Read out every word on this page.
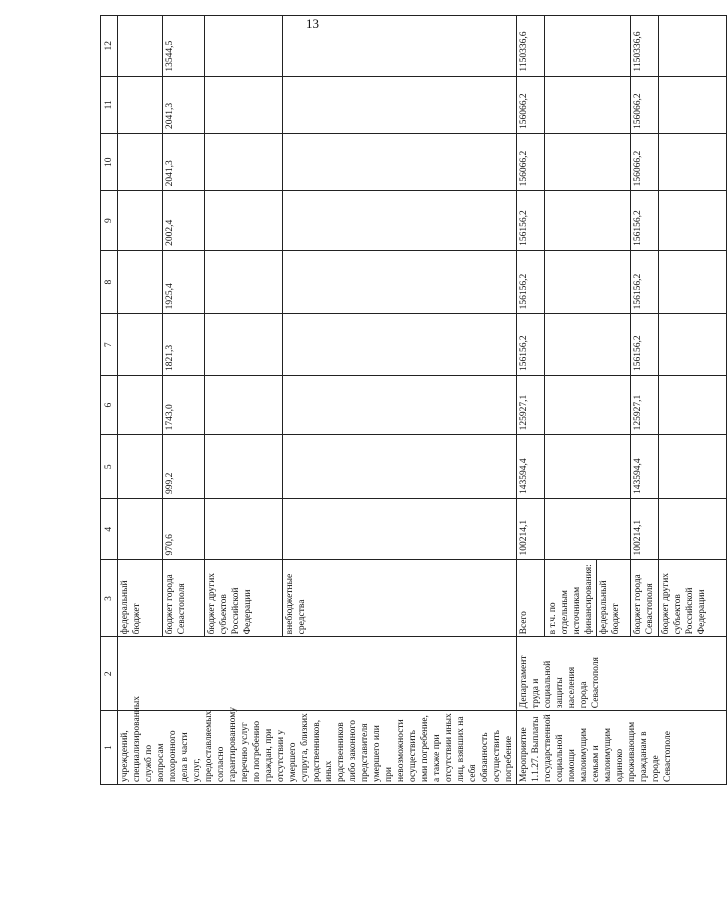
13
1	2	3	4	5	6	7	8	9	10	11	12
учреждений, специализированных служб по вопросам похоронного дела в части услуг, предоставляемых согласно гарантированному перечню услуг по погребению граждан, при отсутствии у умершего супруга, близких родственников, иных родственников либо законного представителя умершего или при невозможности осуществить ими погребение, а также при отсутствии иных лиц, взявших на себя обязанность осуществить погребение		федеральный бюджет									
		бюджет города Севастополя	970,6	999,2	1743,0	1821,3	1925,4	2002,4	2041,3	2041,3	13544,5
		бюджет других субъектов Российской Федерации									
		внебюджетные средства									
Мероприятие 1.1.27. Выплаты государственной социальной помощи малоимущим семьям и малоимущим одиноко проживающим гражданам в городе Севастополе	Департамент труда и социальной защиты населения города Севастополя	Всего	100214,1	143594,4	125927,1	156156,2	156156,2	156156,2	156066,2	156066,2	1150336,6

		в т.ч. по отдельным источникам финансирования: федеральный бюджет									

		бюджет города Севастополя	100214,1	143594,4	125927,1	156156,2	156156,2	156156,2	156066,2	156066,2	1150336,6
		бюджет других субъектов Российской Федерации									
